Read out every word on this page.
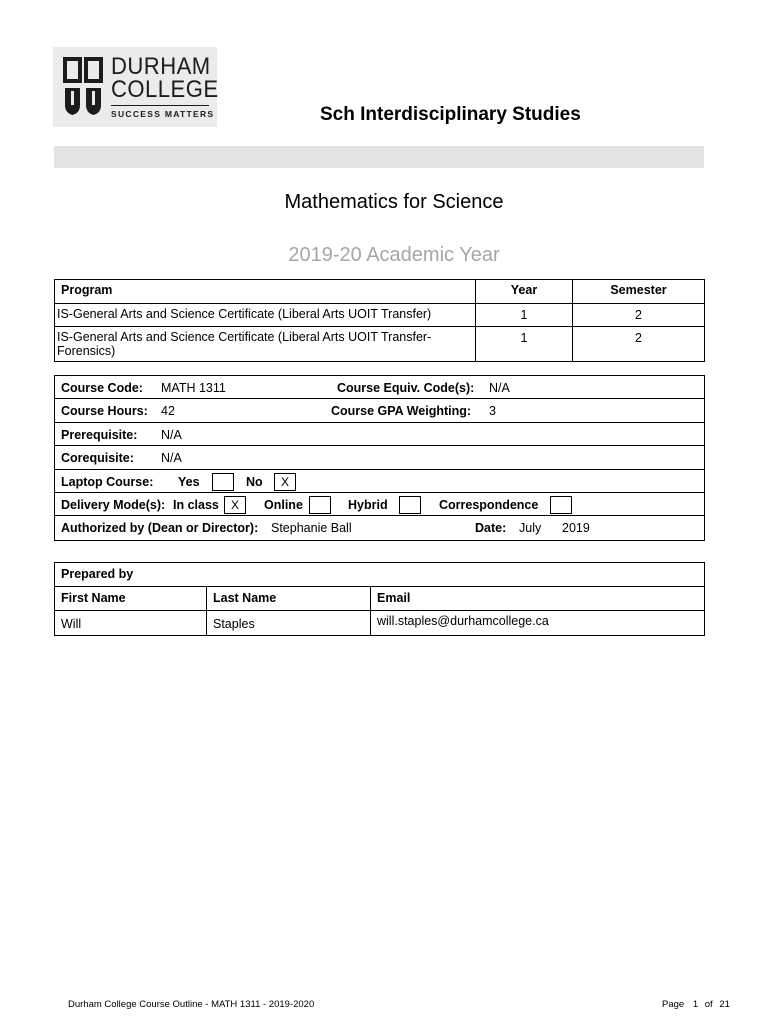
DURHAM
COLLEGE
SUCCESS MATTERS	Sch Interdisciplinary Studies
Mathematics for Science
2019-20 Academic Year
Program	Year	Semester
IS-General Arts and Science Certificate (Liberal Arts UOIT Transfer)	1	2
IS-General Arts and Science Certificate (Liberal Arts UOIT Transfer-Forensics)	1	2
Course Code: MATH 1311	Course Equiv. Code(s): N/A
Course Hours: 42	Course GPA Weighting: 3
Prerequisite: N/A
Corequisite: N/A
Laptop Course: Yes	No	X
Delivery Mode(s): In class	X	Online	Hybrid	Correspondence
Authorized by (Dean or Director): Stephanie Ball	Date: July 2019
Prepared by		
First Name	Last Name	Email
Will	Staples	will.staples@durhamcollege.ca
Durham College Course Outline - MATH 1311 - 2019-2020	Page 1 of 21
